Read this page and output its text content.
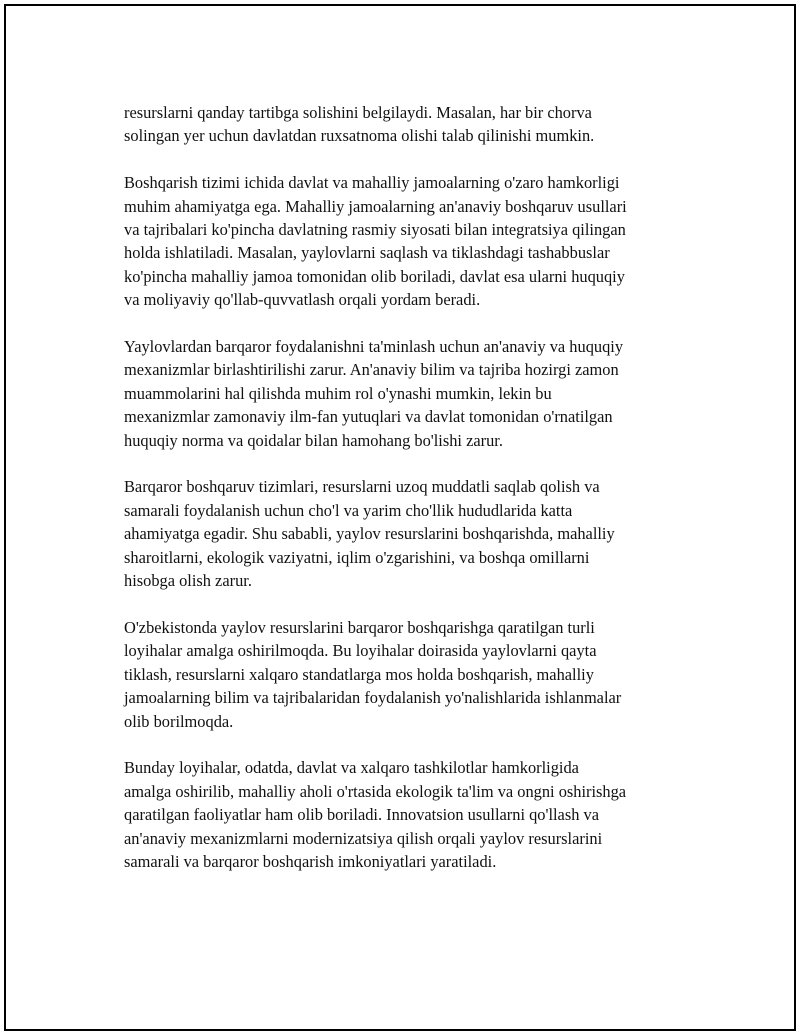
resurslarni qanday tartibga solishini belgilaydi. Masalan, har bir chorva
solingan yer uchun davlatdan ruxsatnoma olishi talab qilinishi mumkin.

Boshqarish tizimi ichida davlat va mahalliy jamoalarning o'zaro hamkorligi
muhim ahamiyatga ega. Mahalliy jamoalarning an'anaviy boshqaruv usullari
va tajribalari ko'pincha davlatning rasmiy siyosati bilan integratsiya qilingan
holda ishlatiladi. Masalan, yaylovlarni saqlash va tiklashdagi tashabbuslar
ko'pincha mahalliy jamoa tomonidan olib boriladi, davlat esa ularni huquqiy
va moliyaviy qo'llab-quvvatlash orqali yordam beradi.

Yaylovlardan barqaror foydalanishni ta'minlash uchun an'anaviy va huquqiy
mexanizmlar birlashtirilishi zarur. An'anaviy bilim va tajriba hozirgi zamon
muammolarini hal qilishda muhim rol o'ynashi mumkin, lekin bu
mexanizmlar zamonaviy ilm-fan yutuqlari va davlat tomonidan o'rnatilgan
huquqiy norma va qoidalar bilan hamohang bo'lishi zarur.

Barqaror boshqaruv tizimlari, resurslarni uzoq muddatli saqlab qolish va
samarali foydalanish uchun cho'l va yarim cho'llik hududlarida katta
ahamiyatga egadir. Shu sababli, yaylov resurslarini boshqarishda, mahalliy
sharoitlarni, ekologik vaziyatni, iqlim o'zgarishini, va boshqa omillarni
hisobga olish zarur.

O'zbekistonda yaylov resurslarini barqaror boshqarishga qaratilgan turli
loyihalar amalga oshirilmoqda. Bu loyihalar doirasida yaylovlarni qayta
tiklash, resurslarni xalqaro standatlarga mos holda boshqarish, mahalliy
jamoalarning bilim va tajribalaridan foydalanish yo'nalishlarida ishlanmalar
olib borilmoqda.

Bunday loyihalar, odatda, davlat va xalqaro tashkilotlar hamkorligida
amalga oshirilib, mahalliy aholi o'rtasida ekologik ta'lim va ongni oshirishga
qaratilgan faoliyatlar ham olib boriladi. Innovatsion usullarni qo'llash va
an'anaviy mexanizmlarni modernizatsiya qilish orqali yaylov resurslarini
samarali va barqaror boshqarish imkoniyatlari yaratiladi.
